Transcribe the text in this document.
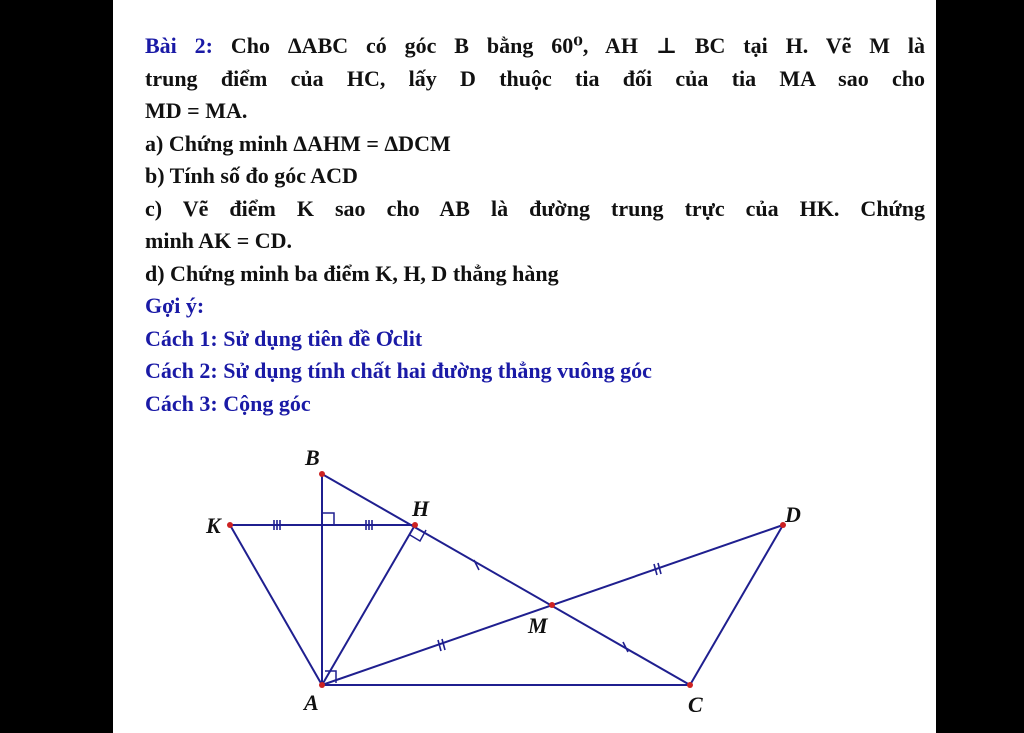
Bài 2: Cho ΔABC có góc B bằng 60⁰, AH ⊥ BC tại H. Vẽ M là
trung điểm của HC, lấy D thuộc tia đối của tia MA sao cho
MD = MA.
a) Chứng minh ΔAHM = ΔDCM
b) Tính số đo góc ACD
c) Vẽ điểm K sao cho AB là đường trung trực của HK. Chứng
minh AK = CD.
d) Chứng minh ba điểm K, H, D thẳng hàng
Gợi ý:
Cách 1: Sử dụng tiên đề Ơclit
Cách 2: Sử dụng tính chất hai đường thẳng vuông góc
Cách 3: Cộng góc
B
K
H	D
M
A	C
